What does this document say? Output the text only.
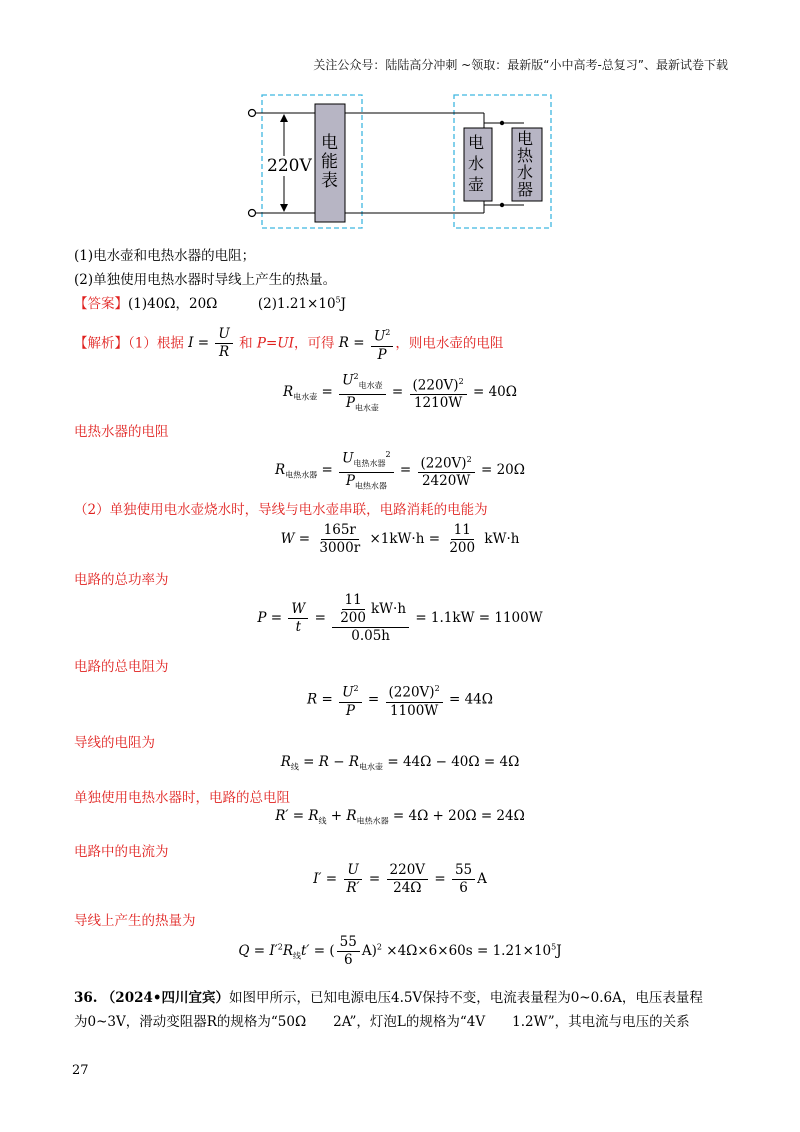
关注公众号：陆陆高分冲刺 ~领取：最新版“小中高考-总复习”、最新试卷下载
220V
电能表
电水壶
电热水器
(1)电水壶和电热水器的电阻；
(2)单独使用电热水器时导线上产生的热量。
【答案】(1)40Ω，20Ω　　　$(2)1.21\times 10^5J$
【解析】（1）根据 $I = \frac{U}{R}$ 和 P=UI，可得 $R = \frac{U^2}{P}$ ，则电水壶的电阻
$R_{电水壶} = \frac{U^2_{电水壶}}{P_{电水壶}} = \frac{(220V)^2}{1210W} = 40\Omega$
电热水器的电阻
$R_{电热水器} = \frac{U_{电热水器}^2}{P_{电热水器}} = \frac{(220V)^2}{2420W} = 20\Omega$
（2）单独使用电水壶烧水时，导线与电水壶串联，电路消耗的电能为
$W = \frac{165r}{3000r} \times 1kW\cdot h = \frac{11}{200} kW\cdot h$
电路的总功率为
$P = \frac{W}{t} = \frac{\frac{11}{200} kW\cdot h}{0.05h} = 1.1kW = 1100W$
电路的总电阻为
$R = \frac{U^2}{P} = \frac{(220V)^2}{1100W} = 44\Omega$
导线的电阻为
$R_线 = R - R_{电水壶} = 44\Omega - 40\Omega = 4\Omega$
单独使用电热水器时，电路的总电阻
$R' = R_线 + R_{电热水器} = 4\Omega + 20\Omega = 24\Omega$
电路中的电流为
$I' = \frac{U}{R'} = \frac{220V}{24\Omega} = \frac{55}{6}$ A
导线上产生的热量为
$Q = I'^2R_线t'$ = ( $\frac{55}{6} A)^2 \times 4\Omega\times 6\times 60s = 1.21\times 10^5J$
36. （2024•四川宜宾）如图甲所示，已知电源电压4.5V保持不变，电流表量程为0~0.6A，电压表量程
为0~3V，滑动变阻器R的规格为“50Ω　　2A”，灯泡L的规格为“4V　　1.2W”，其电流与电压的关系
27
